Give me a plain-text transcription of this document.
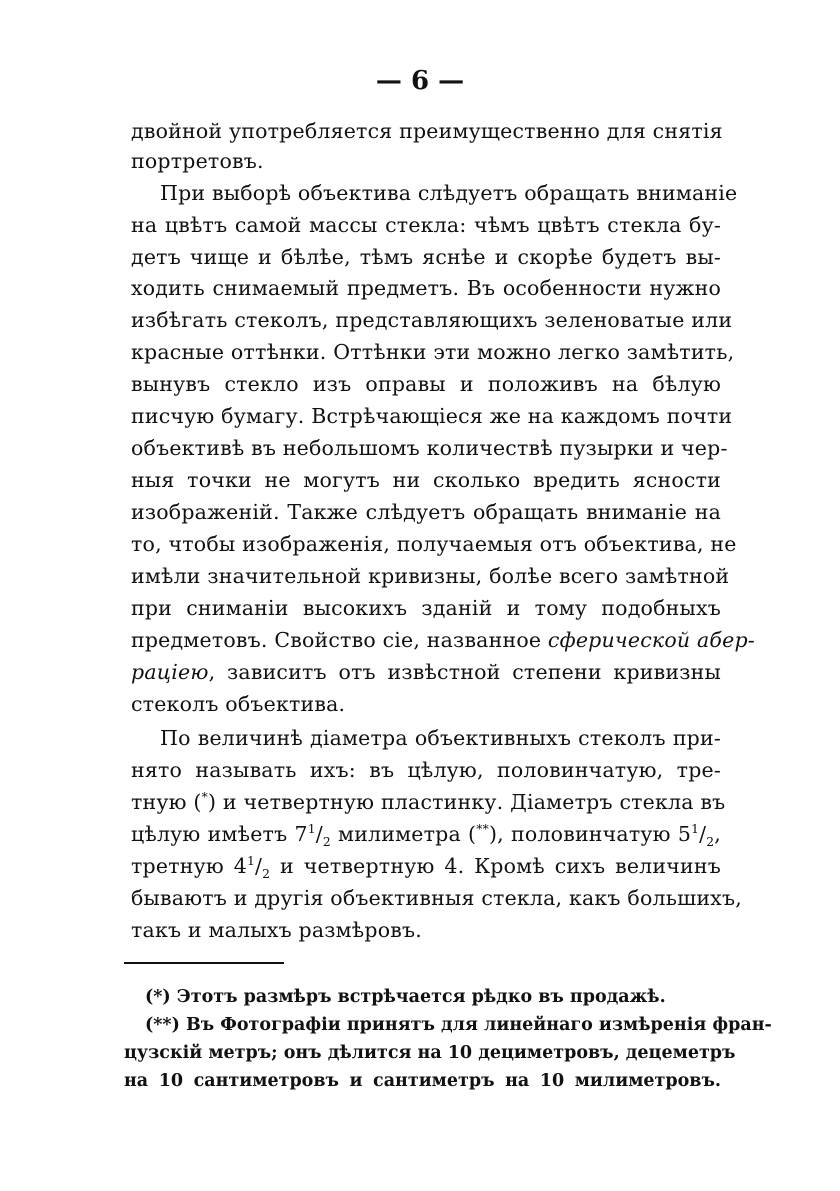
— 6 —
двойной употребляется преимущественно для снятія
портретовъ.
При выборѣ объектива слѣдуетъ обращать вниманіе
на цвѣтъ самой массы стекла: чѣмъ цвѣтъ стекла бу-
детъ чище и бѣлѣе, тѣмъ яснѣе и скорѣе будетъ вы-
ходить снимаемый предметъ. Въ особенности нужно
избѣгать стеколъ, представляющихъ зеленоватые или
красные оттѣнки. Оттѣнки эти можно легко замѣтить,
вынувъ стекло изъ оправы и положивъ на бѣлую
писчую бумагу. Встрѣчающіеся же на каждомъ почти
объективѣ въ небольшомъ количествѣ пузырки и чер-
ныя точки не могутъ ни сколько вредить ясности
изображеній. Также слѣдуетъ обращать вниманіе на
то, чтобы изображенія, получаемыя отъ объектива, не
имѣли значительной кривизны, болѣе всего замѣтной
при сниманіи высокихъ зданій и тому подобныхъ
предметовъ. Свойство сіе, названное сферической абер-
раціею, зависитъ отъ извѣстной степени кривизны
стеколъ объектива.
По величинѣ діаметра объективныхъ стеколъ при-
нято называть ихъ: въ цѣлую, половинчатую, тре-
тную (*) и четвертную пластинку. Діаметръ стекла въ
цѣлую имѣетъ $7^1/_2$ милиметра (**), половинчатую $5^1/_2$,
третную $4^1/_2$ и четвертную 4. Кромѣ сихъ величинъ
бываютъ и другія объективныя стекла, какъ большихъ,
такъ и малыхъ размѣровъ.
(*) Этотъ размѣръ встрѣчается рѣдко въ продажѣ.
(**) Въ Фотографіи принятъ для линейнаго измѣренія фран-
цузскій метръ; онъ дѣлится на 10 дециметровъ, децеметръ
на 10 сантиметровъ и сантиметръ на 10 милиметровъ.
